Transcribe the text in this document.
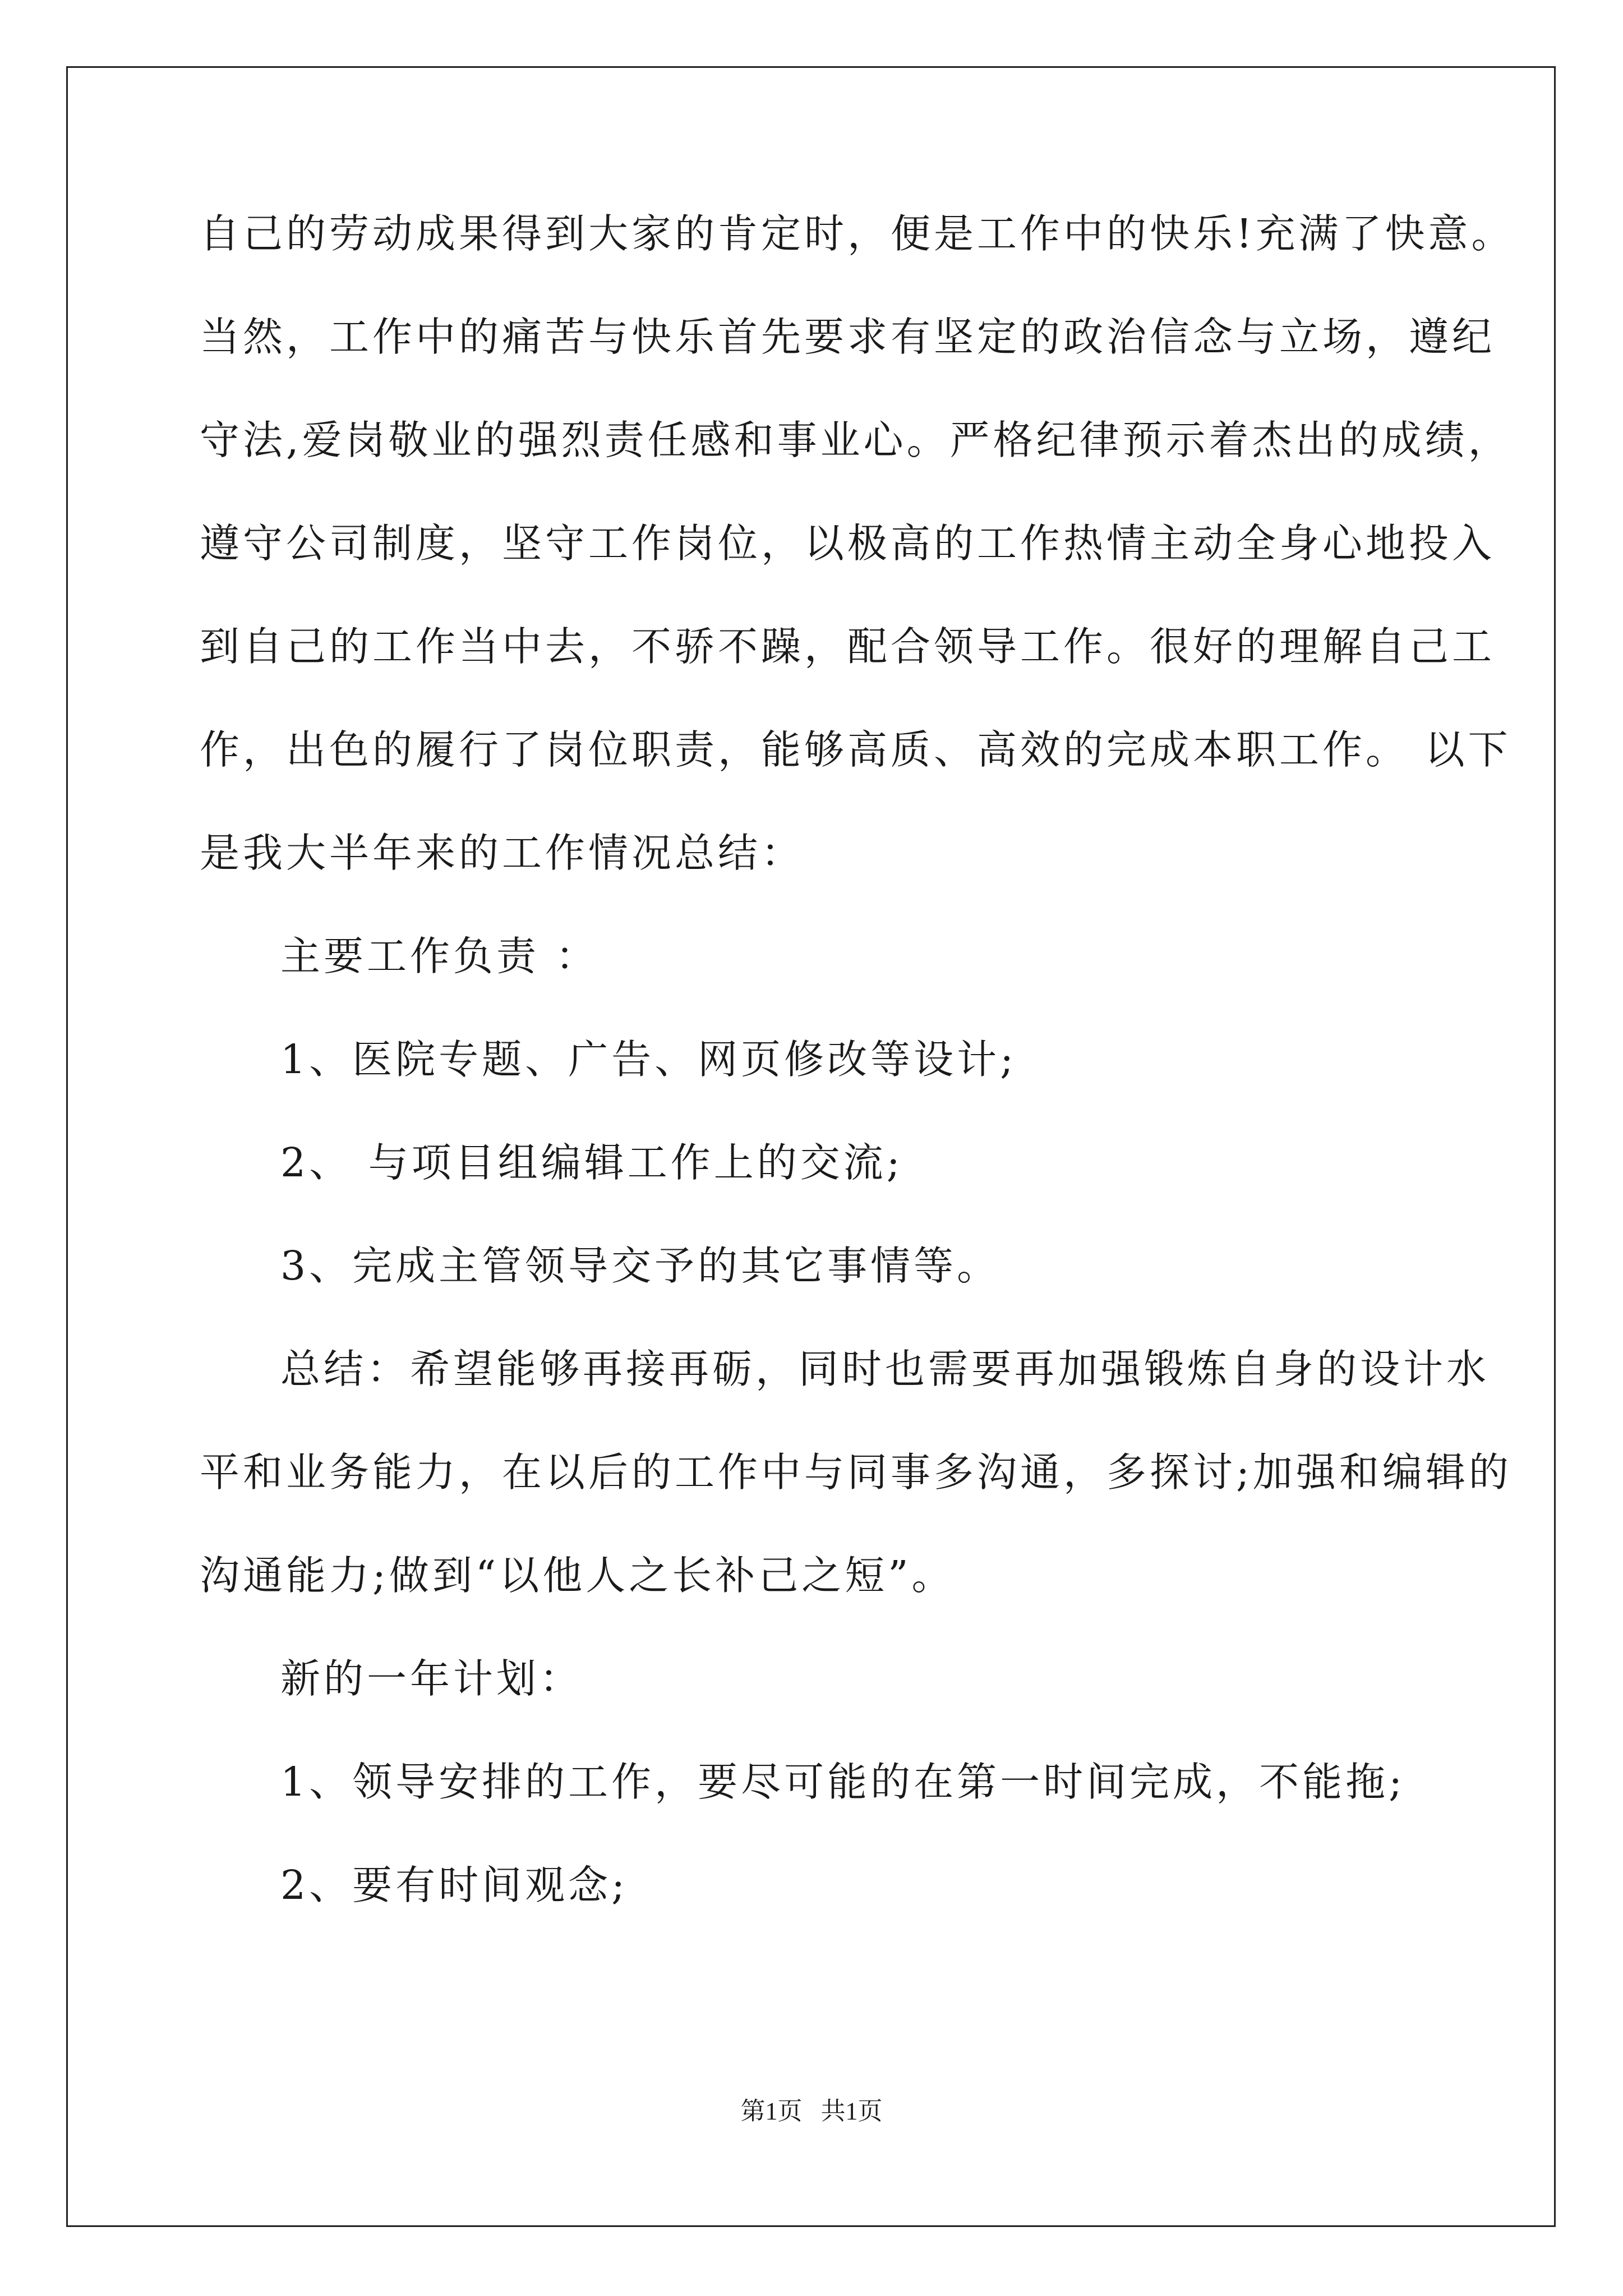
自己的劳动成果得到大家的肯定时，便是工作中的快乐!充满了快意。
当然，工作中的痛苦与快乐首先要求有坚定的政治信念与立场，遵纪
守法,爱岗敬业的强烈责任感和事业心。严格纪律预示着杰出的成绩，
遵守公司制度，坚守工作岗位，以极高的工作热情主动全身心地投入
到自己的工作当中去，不骄不躁，配合领导工作。很好的理解自己工
作，出色的履行了岗位职责，能够高质、高效的完成本职工作。 以下
是我大半年来的工作情况总结：
主要工作负责 ：
1、医院专题、广告、网页修改等设计;
2、 与项目组编辑工作上的交流;
3、完成主管领导交予的其它事情等。
总结：希望能够再接再砺，同时也需要再加强锻炼自身的设计水
平和业务能力，在以后的工作中与同事多沟通，多探讨;加强和编辑的
沟通能力;做到“以他人之长补己之短”。
新的一年计划：
1、领导安排的工作，要尽可能的在第一时间完成，不能拖;
2、要有时间观念;
第1页   共1页
